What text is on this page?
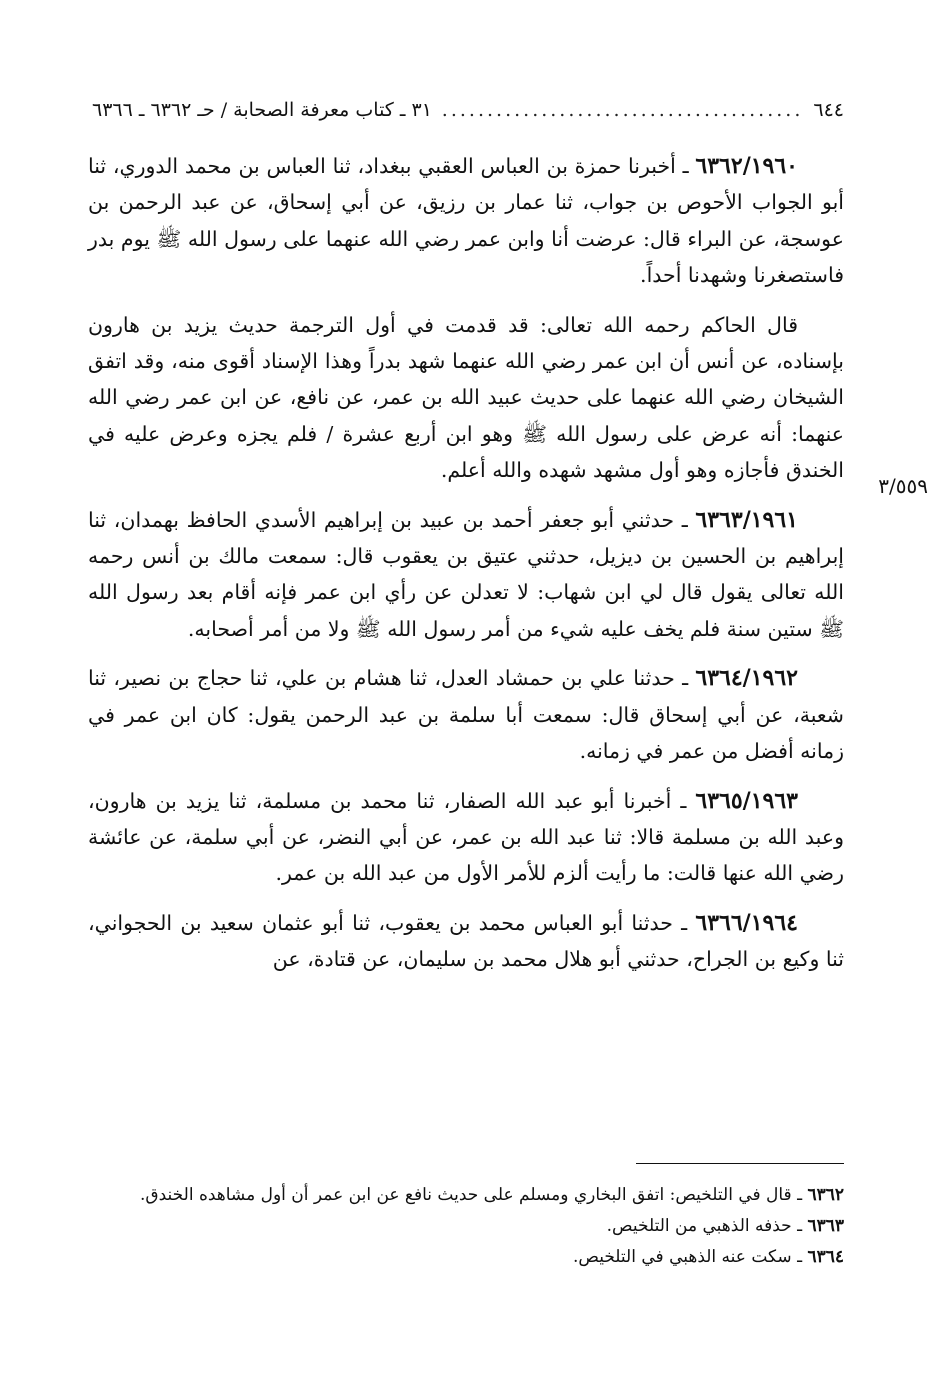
٦٤٤
.....
٣١ ـ كتاب معرفة الصحابة / حـ ٦٣٦٢ ـ ٦٣٦٦
٣/٥٥٩

٦٣٦٢/١٩٦٠ ـ أخبرنا حمزة بن العباس العقبي ببغداد، ثنا العباس بن محمد الدوري، ثنا أبو الجواب الأحوص بن جواب، ثنا عمار بن رزيق، عن أبي إسحاق، عن عبد الرحمن بن عوسجة، عن البراء قال: عرضت أنا وابن عمر رضي الله عنهما على رسول الله ﷺ يوم بدر فاستصغرنا وشهدنا أحداً.

قال الحاكم رحمه الله تعالى: قد قدمت في أول الترجمة حديث يزيد بن هارون بإسناده، عن أنس أن ابن عمر رضي الله عنهما شهد بدراً وهذا الإسناد أقوى منه، وقد اتفق الشيخان رضي الله عنهما على حديث عبيد الله بن عمر، عن نافع، عن ابن عمر رضي الله عنهما: أنه عرض على رسول الله ﷺ وهو ابن أربع عشرة / فلم يجزه وعرض عليه في الخندق فأجازه وهو أول مشهد شهده والله أعلم.

٦٣٦٣/١٩٦١ ـ حدثني أبو جعفر أحمد بن عبيد بن إبراهيم الأسدي الحافظ بهمدان، ثنا إبراهيم بن الحسين بن ديزيل، حدثني عتيق بن يعقوب قال: سمعت مالك بن أنس رحمه الله تعالى يقول قال لي ابن شهاب: لا تعدلن عن رأي ابن عمر فإنه أقام بعد رسول الله ﷺ ستين سنة فلم يخف عليه شيء من أمر رسول الله ﷺ ولا من أمر أصحابه.

٦٣٦٤/١٩٦٢ ـ حدثنا علي بن حمشاد العدل، ثنا هشام بن علي، ثنا حجاج بن نصير، ثنا شعبة، عن أبي إسحاق قال: سمعت أبا سلمة بن عبد الرحمن يقول: كان ابن عمر في زمانه أفضل من عمر في زمانه.

٦٣٦٥/١٩٦٣ ـ أخبرنا أبو عبد الله الصفار، ثنا محمد بن مسلمة، ثنا يزيد بن هارون، وعبد الله بن مسلمة قالا: ثنا عبد الله بن عمر، عن أبي النضر، عن أبي سلمة، عن عائشة رضي الله عنها قالت: ما رأيت ألزم للأمر الأول من عبد الله بن عمر.

٦٣٦٦/١٩٦٤ ـ حدثنا أبو العباس محمد بن يعقوب، ثنا أبو عثمان سعيد بن الحجواني، ثنا وكيع بن الجراح، حدثني أبو هلال محمد بن سليمان، عن قتادة، عن

٦٣٦٢ ـ قال في التلخيص: اتفق البخاري ومسلم على حديث نافع عن ابن عمر أن أول مشاهده الخندق.

٦٣٦٣ ـ حذفه الذهبي من التلخيص.

٦٣٦٤ ـ سكت عنه الذهبي في التلخيص.
